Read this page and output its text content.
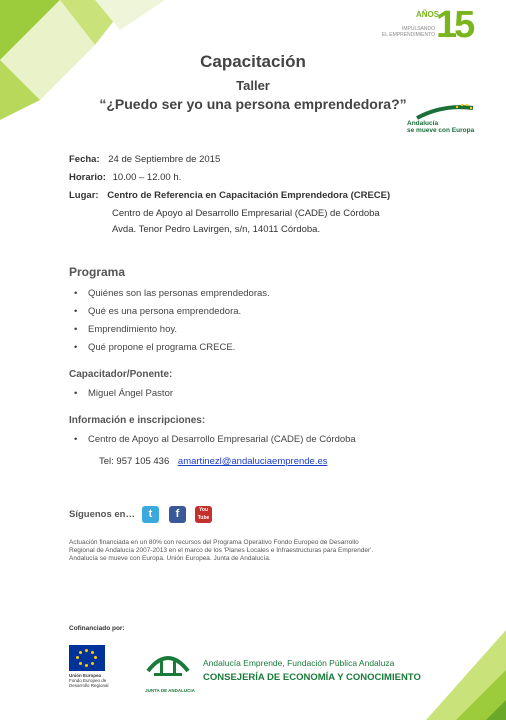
AÑOS
IMPULSANDO
EL EMPRENDIMIENTO 15
Capacitación
Taller
“¿Puedo ser yo una persona emprendedora?”
Andalucía
se mueve con Europa
Fecha: 24 de Septiembre de 2015
Horario: 10.00 – 12.00 h.
Lugar: Centro de Referencia en Capacitación Emprendedora (CRECE)
Centro de Apoyo al Desarrollo Empresarial (CADE) de Córdoba
Avda. Tenor Pedro Lavirgen, s/n, 14011 Córdoba.
Programa
• Quiénes son las personas emprendedoras.
• Qué es una persona emprendedora.
• Emprendimiento hoy.
• Qué propone el programa CRECE.
Capacitador/Ponente:
• Miguel Ángel Pastor
Información e inscripciones:
• Centro de Apoyo al Desarrollo Empresarial (CADE) de Córdoba
Tel: 957 105 436 amartinezl@andaluciaemprende.es
Síguenos en…	t	f	You Tube
Actuación financiada en un 80% con recursos del Programa Operativo Fondo Europeo de Desarrollo
Regional de Andalucía 2007-2013 en el marco de los 'Planes Locales e Infraestructuras para Emprender'.
Andalucía se mueve con Europa. Unión Europea. Junta de Andalucía.
Cofinanciado por:
Unión Europea
Fondo Europeo de Desarrollo Regional
JUNTA DE ANDALUCIA
Andalucía Emprende, Fundación Pública Andaluza
CONSEJERÍA DE ECONOMÍA Y CONOCIMIENTO
